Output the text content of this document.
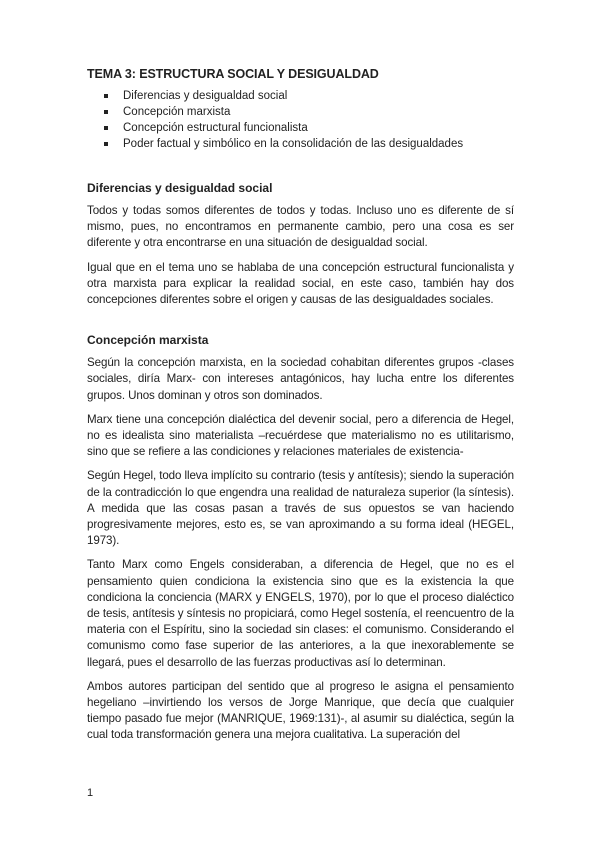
TEMA 3: ESTRUCTURA SOCIAL Y DESIGUALDAD
Diferencias y desigualdad social
Concepción marxista
Concepción estructural funcionalista
Poder factual y simbólico en la consolidación de las desigualdades
Diferencias y desigualdad social

Todos y todas somos diferentes de todos y todas. Incluso uno es diferente de sí mismo, pues, no encontramos en permanente cambio, pero una cosa es ser diferente y otra encontrarse en una situación de desigualdad social.

Igual que en el tema uno se hablaba de una concepción estructural funcionalista y otra marxista para explicar la realidad social, en este caso, también hay dos concepciones diferentes sobre el origen y causas de las desigualdades sociales.

Concepción marxista

Según la concepción marxista, en la sociedad cohabitan diferentes grupos -clases sociales, diría Marx- con intereses antagónicos, hay lucha entre los diferentes grupos. Unos dominan y otros son dominados.

Marx tiene una concepción dialéctica del devenir social, pero a diferencia de Hegel, no es idealista sino materialista –recuérdese que materialismo no es utilitarismo, sino que se refiere a las condiciones y relaciones materiales de existencia-

Según Hegel, todo lleva implícito su contrario (tesis y antítesis); siendo la superación de la contradicción lo que engendra una realidad de naturaleza superior (la síntesis). A medida que las cosas pasan a través de sus opuestos se van haciendo progresivamente mejores, esto es, se van aproximando a su forma ideal (HEGEL, 1973).

Tanto Marx como Engels consideraban, a diferencia de Hegel, que no es el pensamiento quien condiciona la existencia sino que es la existencia la que condiciona la conciencia (MARX y ENGELS, 1970), por lo que el proceso dialéctico de tesis, antítesis y síntesis no propiciará, como Hegel sostenía, el reencuentro de la materia con el Espíritu, sino la sociedad sin clases: el comunismo. Considerando el comunismo como fase superior de las anteriores, a la que inexorablemente se llegará, pues el desarrollo de las fuerzas productivas así lo determinan.

Ambos autores participan del sentido que al progreso le asigna el pensamiento hegeliano –invirtiendo los versos de Jorge Manrique, que decía que cualquier tiempo pasado fue mejor (MANRIQUE, 1969:131)-, al asumir su dialéctica, según la cual toda transformación genera una mejora cualitativa. La superación del

1
